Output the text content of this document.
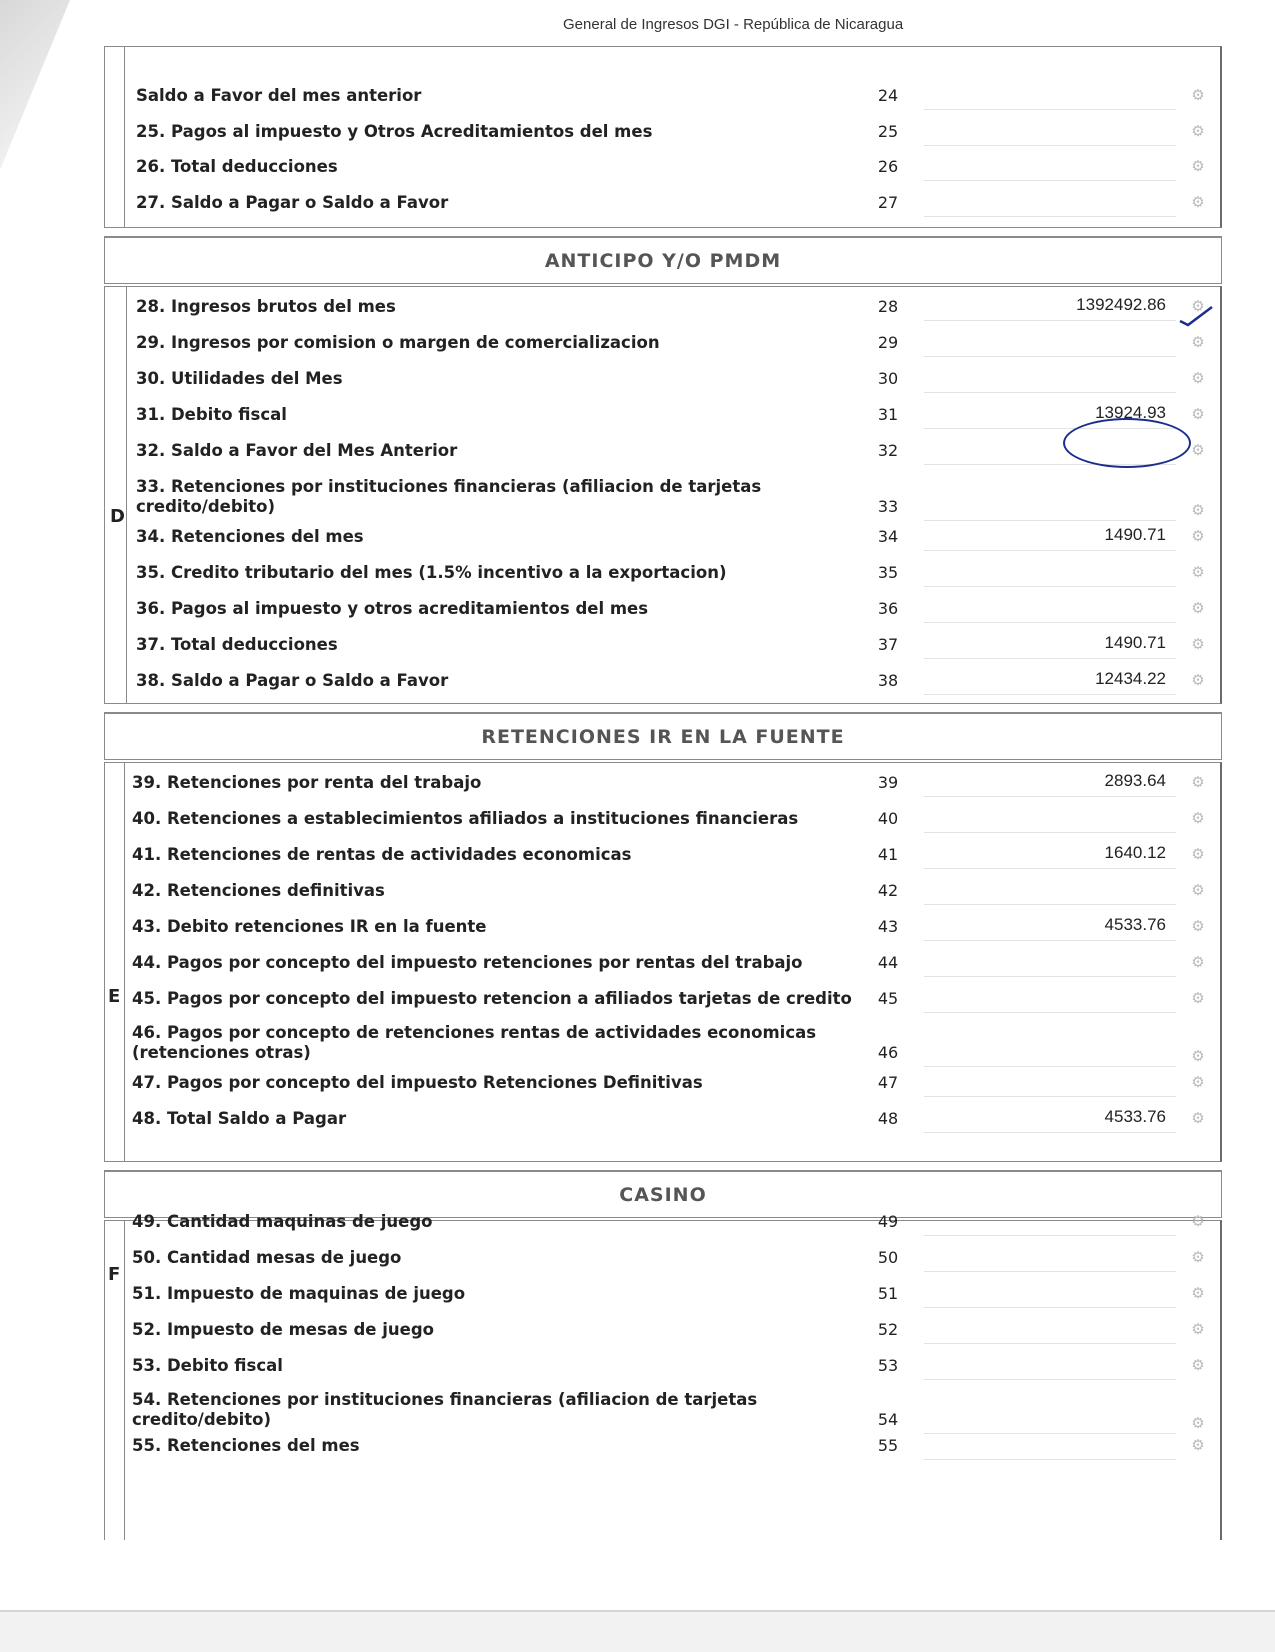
General de Ingresos DGI - República de Nicaragua
Saldo a Favor del mes anterior	24	⚙
25. Pagos al impuesto y Otros Acreditamientos del mes	25	⚙
26. Total deducciones	26	⚙
27. Saldo a Pagar o Saldo a Favor	27	⚙
ANTICIPO Y/O PMDM
D
28. Ingresos brutos del mes	28	1392492.86 ⚙
29. Ingresos por comision o margen de comercializacion	29	⚙
30. Utilidades del Mes	30	⚙
31. Debito fiscal	31	13924.93 ⚙
32. Saldo a Favor del Mes Anterior	32	⚙
33. Retenciones por instituciones financieras (afiliacion de tarjetas credito/debito)	33	⚙
34. Retenciones del mes	34	1490.71 ⚙
35. Credito tributario del mes (1.5% incentivo a la exportacion)	35	⚙
36. Pagos al impuesto y otros acreditamientos del mes	36	⚙
37. Total deducciones	37	1490.71 ⚙
38. Saldo a Pagar o Saldo a Favor	38	12434.22 ⚙
RETENCIONES IR EN LA FUENTE
E
39. Retenciones por renta del trabajo	39	2893.64 ⚙
40. Retenciones a establecimientos afiliados a instituciones financieras	40	⚙
41. Retenciones de rentas de actividades economicas	41	1640.12 ⚙
42. Retenciones definitivas	42	⚙
43. Debito retenciones IR en la fuente	43	4533.76 ⚙
44. Pagos por concepto del impuesto retenciones por rentas del trabajo	44	⚙
45. Pagos por concepto del impuesto retencion a afiliados tarjetas de credito	45	⚙
46. Pagos por concepto de retenciones rentas de actividades economicas (retenciones otras)	46	⚙
47. Pagos por concepto del impuesto Retenciones Definitivas	47	⚙
48. Total Saldo a Pagar	48	4533.76 ⚙
CASINO
F
49. Cantidad maquinas de juego	49	⚙
50. Cantidad mesas de juego	50	⚙
51. Impuesto de maquinas de juego	51	⚙
52. Impuesto de mesas de juego	52	⚙
53. Debito fiscal	53	⚙
54. Retenciones por instituciones financieras (afiliacion de tarjetas credito/debito)	54	⚙
55. Retenciones del mes	55	⚙
